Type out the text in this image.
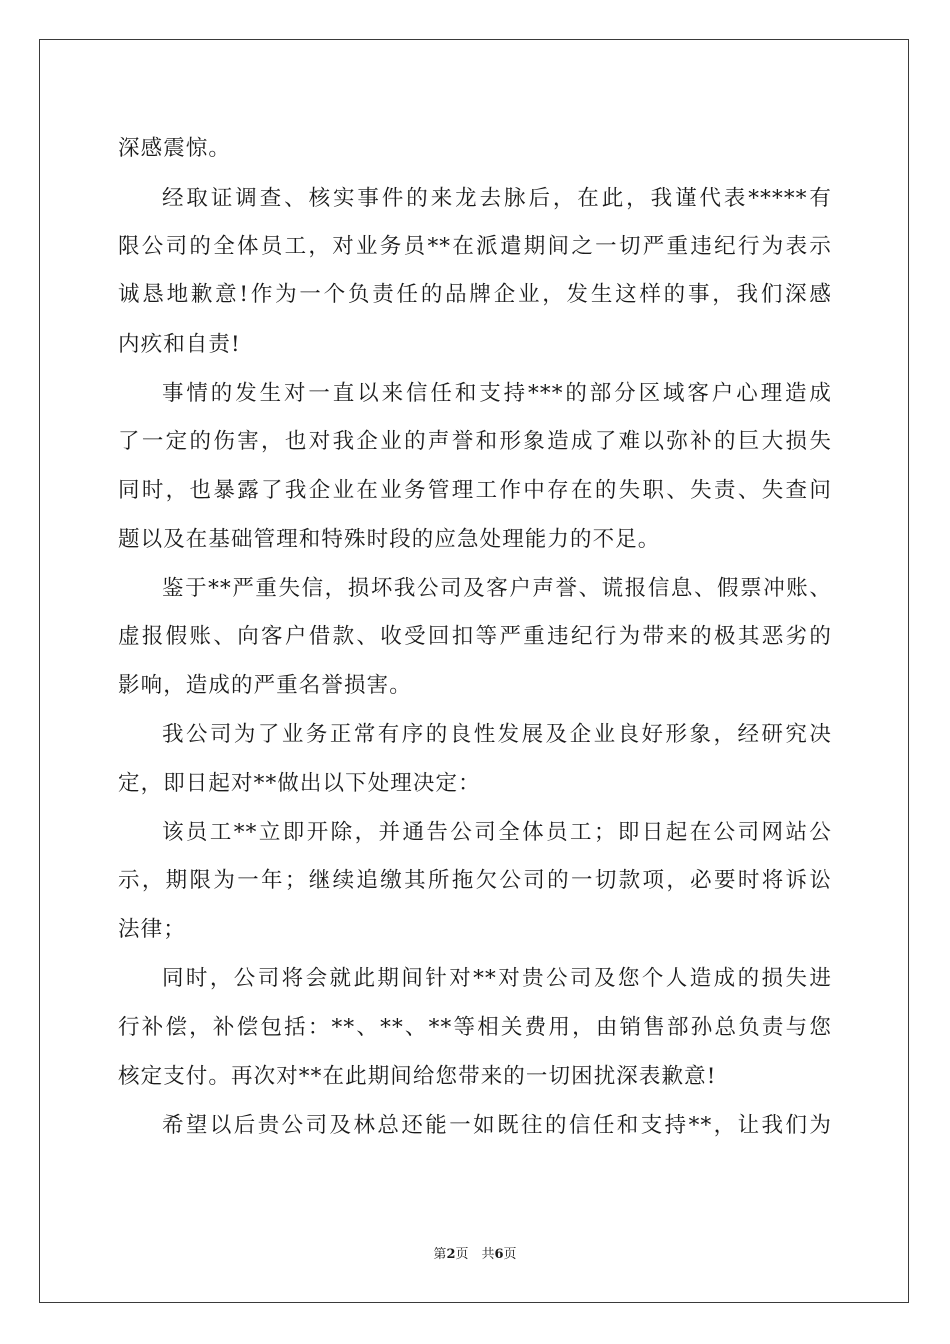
深感震惊。
经取证调查、核实事件的来龙去脉后，在此，我谨代表*****有
限公司的全体员工，对业务员**在派遣期间之一切严重违纪行为表示
诚恳地歉意!作为一个负责任的品牌企业，发生这样的事，我们深感
内疚和自责!
事情的发生对一直以来信任和支持***的部分区域客户心理造成
了一定的伤害，也对我企业的声誉和形象造成了难以弥补的巨大损失
同时，也暴露了我企业在业务管理工作中存在的失职、失责、失查问
题以及在基础管理和特殊时段的应急处理能力的不足。
鉴于**严重失信，损坏我公司及客户声誉、谎报信息、假票冲账、
虚报假账、向客户借款、收受回扣等严重违纪行为带来的极其恶劣的
影响，造成的严重名誉损害。
我公司为了业务正常有序的良性发展及企业良好形象，经研究决
定，即日起对**做出以下处理决定：
该员工**立即开除，并通告公司全体员工；即日起在公司网站公
示，期限为一年；继续追缴其所拖欠公司的一切款项，必要时将诉讼
法律；
同时，公司将会就此期间针对**对贵公司及您个人造成的损失进
行补偿，补偿包括：**、**、**等相关费用，由销售部孙总负责与您
核定支付。再次对**在此期间给您带来的一切困扰深表歉意!
希望以后贵公司及林总还能一如既往的信任和支持**，让我们为
第2页　共6页
